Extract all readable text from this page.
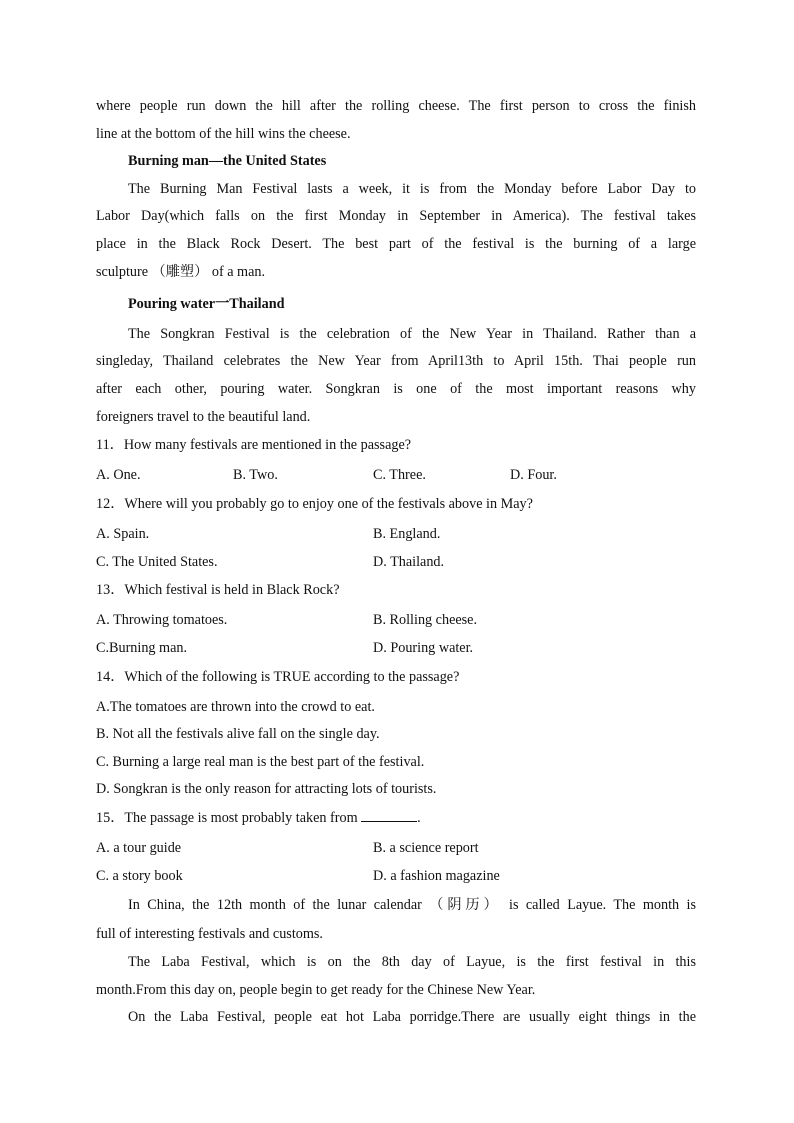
where people run down the hill after the rolling cheese. The first person to cross the finish
line at the bottom of the hill wins the cheese.
Burning man—the United States
The Burning Man Festival lasts a week, it is from the Monday before Labor Day to
Labor Day(which falls on the first Monday in September in America). The festival takes
place in the Black Rock Desert. The best part of the festival is the burning of a large
sculpture （雕塑） of a man.
Pouring water一Thailand
The Songkran Festival is the celebration of the New Year in Thailand. Rather than a
singleday, Thailand celebrates the New Year from April13th to April 15th. Thai people run
after each other, pouring water. Songkran is one of the most important reasons why
foreigners travel to the beautiful land.
11．How many festivals are mentioned in the passage?
A. One.	B. Two.	C. Three.	D. Four.
12．Where will you probably go to enjoy one of the festivals above in May?
A. Spain.	B. England.
C. The United States.	D. Thailand.
13．Which festival is held in Black Rock?
A. Throwing tomatoes.	B. Rolling cheese.
C.Burning man.	D. Pouring water.
14．Which of the following is TRUE according to the passage?
A.The tomatoes are thrown into the crowd to eat.
B. Not all the festivals alive fall on the single day.
C. Burning a large real man is the best part of the festival.
D. Songkran is the only reason for attracting lots of tourists.
15．The passage is most probably taken from	.
A. a tour guide	B. a science report
C. a story book	D. a fashion magazine
In China, the 12th month of the lunar calendar （阴历） is called Layue. The month is
full of interesting festivals and customs.
The Laba Festival, which is on the 8th day of Layue, is the first festival in this
month.From this day on, people begin to get ready for the Chinese New Year.
On the Laba Festival, people eat hot Laba porridge.There are usually eight things in the
